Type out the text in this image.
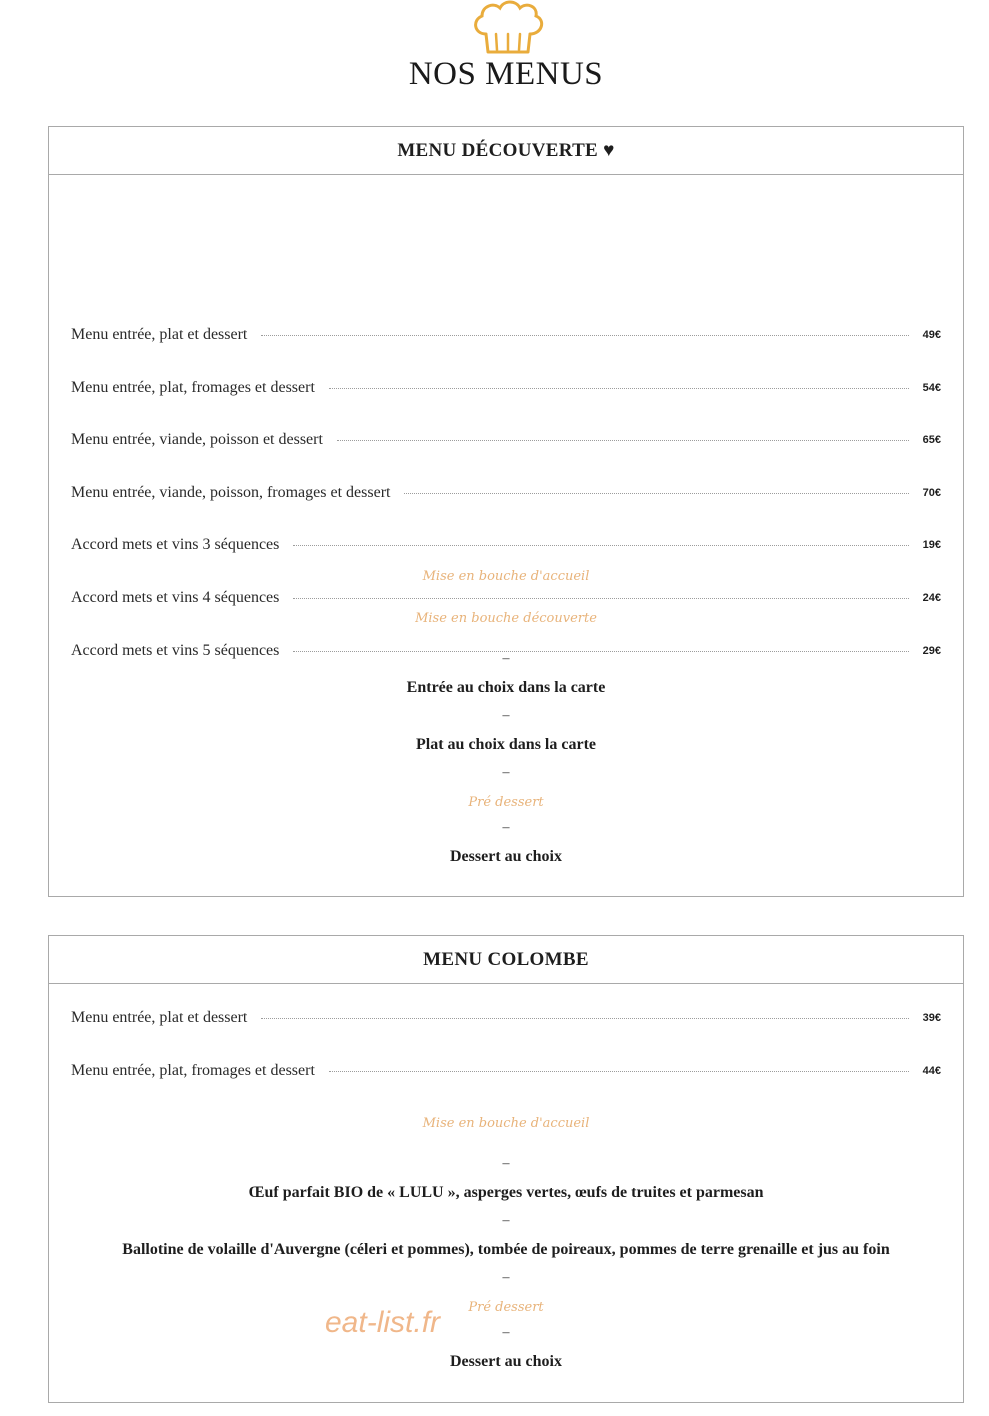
NOS MENUS
MENU DÉCOUVERTE ♥
Menu entrée, plat et dessert	49€
Menu entrée, plat, fromages et dessert	54€
Menu entrée, viande, poisson et dessert	65€
Menu entrée, viande, poisson, fromages et dessert	70€
Accord mets et vins 3 séquences	19€
Accord mets et vins 4 séquences	24€
Accord mets et vins 5 séquences	29€
Mise en bouche d'accueil
Mise en bouche découverte
–
Entrée au choix dans la carte
–
Plat au choix dans la carte
–
Pré dessert
–
Dessert au choix
MENU COLOMBE
Menu entrée, plat et dessert	39€
Menu entrée, plat, fromages et dessert	44€
Mise en bouche d'accueil
–
Œuf parfait BIO de « LULU », asperges vertes, œufs de truites et parmesan
–
Ballotine de volaille d'Auvergne (céleri et pommes), tombée de poireaux, pommes de terre grenaille et jus au foin
–
Pré dessert
–
Dessert au choix
eat-list.fr
